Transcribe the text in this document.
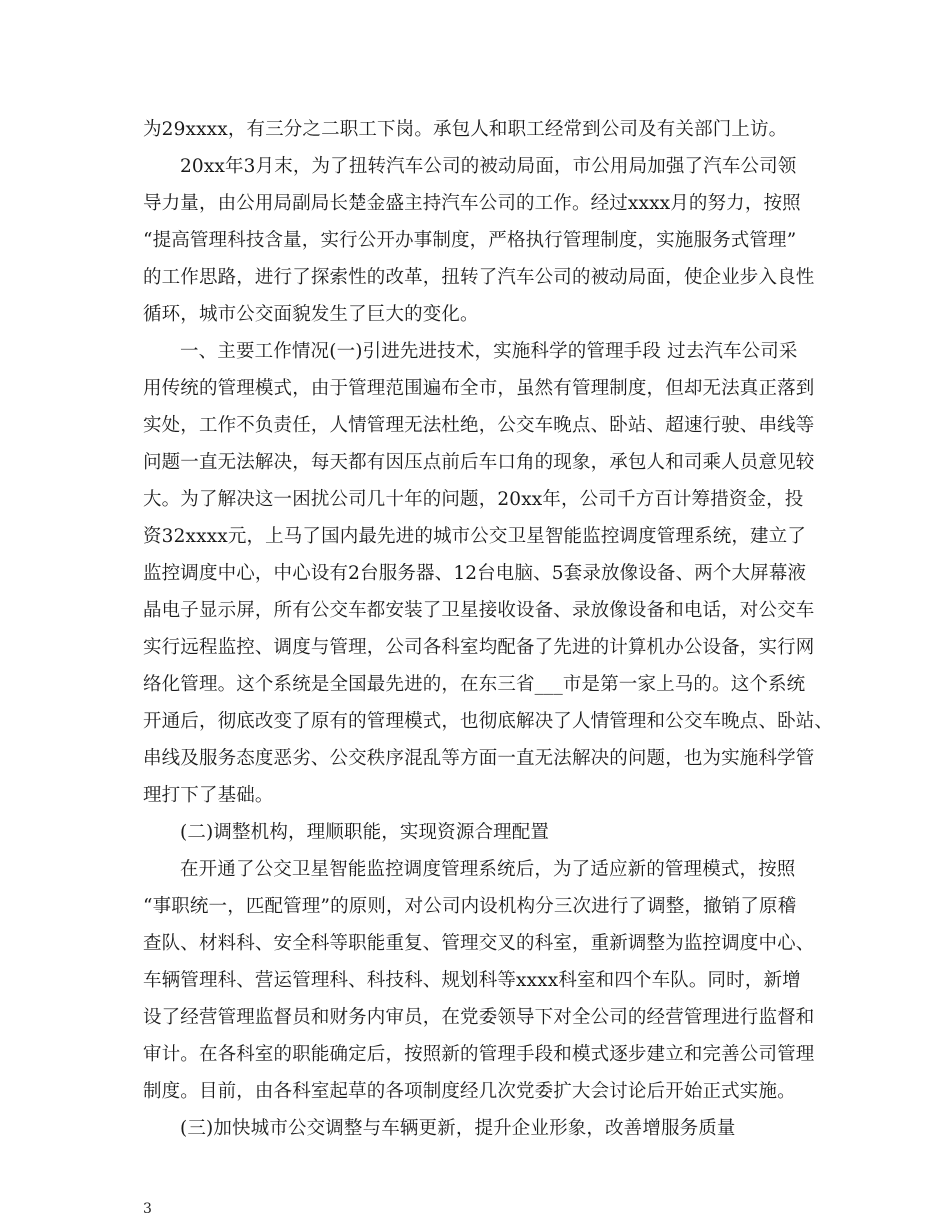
为29xxxx，有三分之二职工下岗。承包人和职工经常到公司及有关部门上访。
20xx年3月末，为了扭转汽车公司的被动局面，市公用局加强了汽车公司领
导力量，由公用局副局长楚金盛主持汽车公司的工作。经过xxxx月的努力，按照
“提高管理科技含量，实行公开办事制度，严格执行管理制度，实施服务式管理”
的工作思路，进行了探索性的改革，扭转了汽车公司的被动局面，使企业步入良性
循环，城市公交面貌发生了巨大的变化。
一、主要工作情况(一)引进先进技术，实施科学的管理手段 过去汽车公司采
用传统的管理模式，由于管理范围遍布全市，虽然有管理制度，但却无法真正落到
实处，工作不负责任，人情管理无法杜绝，公交车晚点、卧站、超速行驶、串线等
问题一直无法解决，每天都有因压点前后车口角的现象，承包人和司乘人员意见较
大。为了解决这一困扰公司几十年的问题，20xx年，公司千方百计筹措资金，投
资32xxxx元，上马了国内最先进的城市公交卫星智能监控调度管理系统，建立了
监控调度中心，中心设有2台服务器、12台电脑、5套录放像设备、两个大屏幕液
晶电子显示屏，所有公交车都安装了卫星接收设备、录放像设备和电话，对公交车
实行远程监控、调度与管理，公司各科室均配备了先进的计算机办公设备，实行网
络化管理。这个系统是全国最先进的，在东三省___市是第一家上马的。这个系统
开通后，彻底改变了原有的管理模式，也彻底解决了人情管理和公交车晚点、卧站、
串线及服务态度恶劣、公交秩序混乱等方面一直无法解决的问题，也为实施科学管
理打下了基础。
(二)调整机构，理顺职能，实现资源合理配置
在开通了公交卫星智能监控调度管理系统后，为了适应新的管理模式，按照
“事职统一，匹配管理”的原则，对公司内设机构分三次进行了调整，撤销了原稽
查队、材料科、安全科等职能重复、管理交叉的科室，重新调整为监控调度中心、
车辆管理科、营运管理科、科技科、规划科等xxxx科室和四个车队。同时，新增
设了经营管理监督员和财务内审员，在党委领导下对全公司的经营管理进行监督和
审计。在各科室的职能确定后，按照新的管理手段和模式逐步建立和完善公司管理
制度。目前，由各科室起草的各项制度经几次党委扩大会讨论后开始正式实施。
(三)加快城市公交调整与车辆更新，提升企业形象，改善增服务质量
3
